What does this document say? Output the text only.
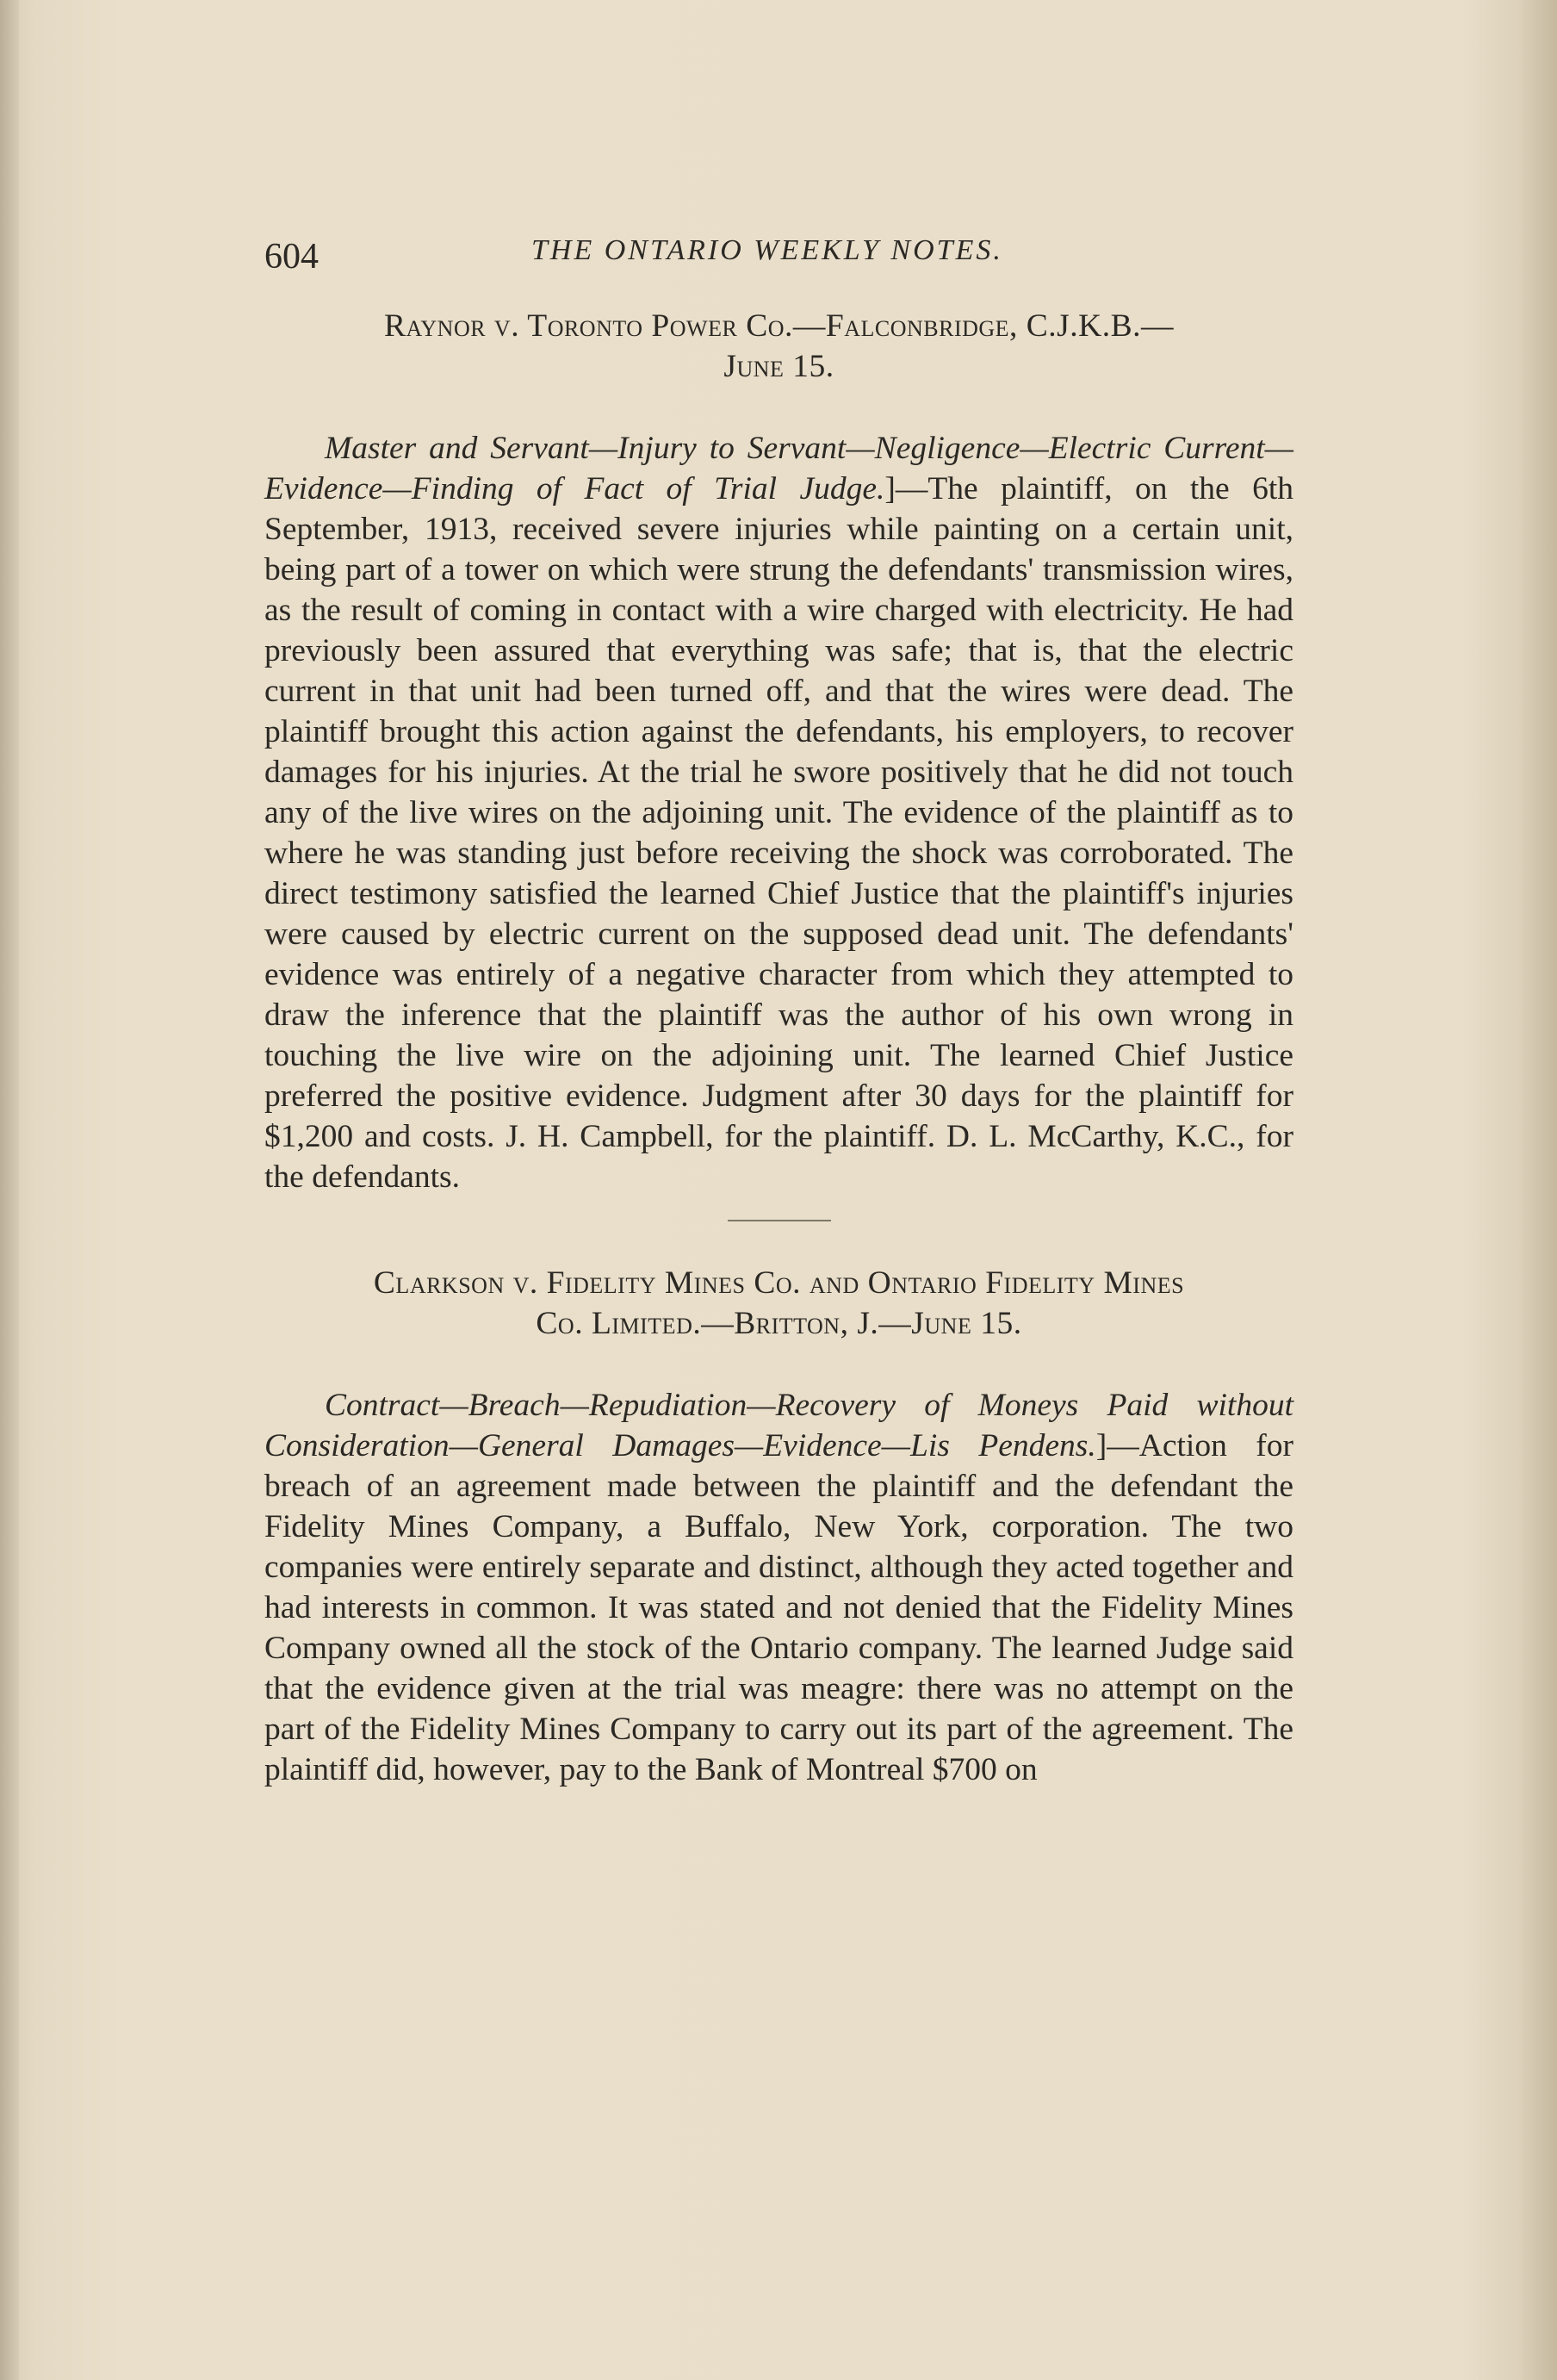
604	THE ONTARIO WEEKLY NOTES.
Raynor v. Toronto Power Co.—Falconbridge, C.J.K.B.—
June 15.

Master and Servant—Injury to Servant—Negligence—Electric Current—Evidence—Finding of Fact of Trial Judge.]—The plaintiff, on the 6th September, 1913, received severe injuries while painting on a certain unit, being part of a tower on which were strung the defendants' transmission wires, as the result of coming in contact with a wire charged with electricity. He had previously been assured that everything was safe; that is, that the electric current in that unit had been turned off, and that the wires were dead. The plaintiff brought this action against the defendants, his employers, to recover damages for his injuries. At the trial he swore positively that he did not touch any of the live wires on the adjoining unit. The evidence of the plaintiff as to where he was standing just before receiving the shock was corroborated. The direct testimony satisfied the learned Chief Justice that the plaintiff's injuries were caused by electric current on the supposed dead unit. The defendants' evidence was entirely of a negative character from which they attempted to draw the inference that the plaintiff was the author of his own wrong in touching the live wire on the adjoining unit. The learned Chief Justice preferred the positive evidence. Judgment after 30 days for the plaintiff for $1,200 and costs. J. H. Campbell, for the plaintiff. D. L. McCarthy, K.C., for the defendants.

Clarkson v. Fidelity Mines Co. and Ontario Fidelity Mines
Co. Limited.—Britton, J.—June 15.

Contract—Breach—Repudiation—Recovery of Moneys Paid without Consideration—General Damages—Evidence—Lis Pendens.]—Action for breach of an agreement made between the plaintiff and the defendant the Fidelity Mines Company, a Buffalo, New York, corporation. The two companies were entirely separate and distinct, although they acted together and had interests in common. It was stated and not denied that the Fidelity Mines Company owned all the stock of the Ontario company. The learned Judge said that the evidence given at the trial was meagre: there was no attempt on the part of the Fidelity Mines Company to carry out its part of the agreement. The plaintiff did, however, pay to the Bank of Montreal $700 on
